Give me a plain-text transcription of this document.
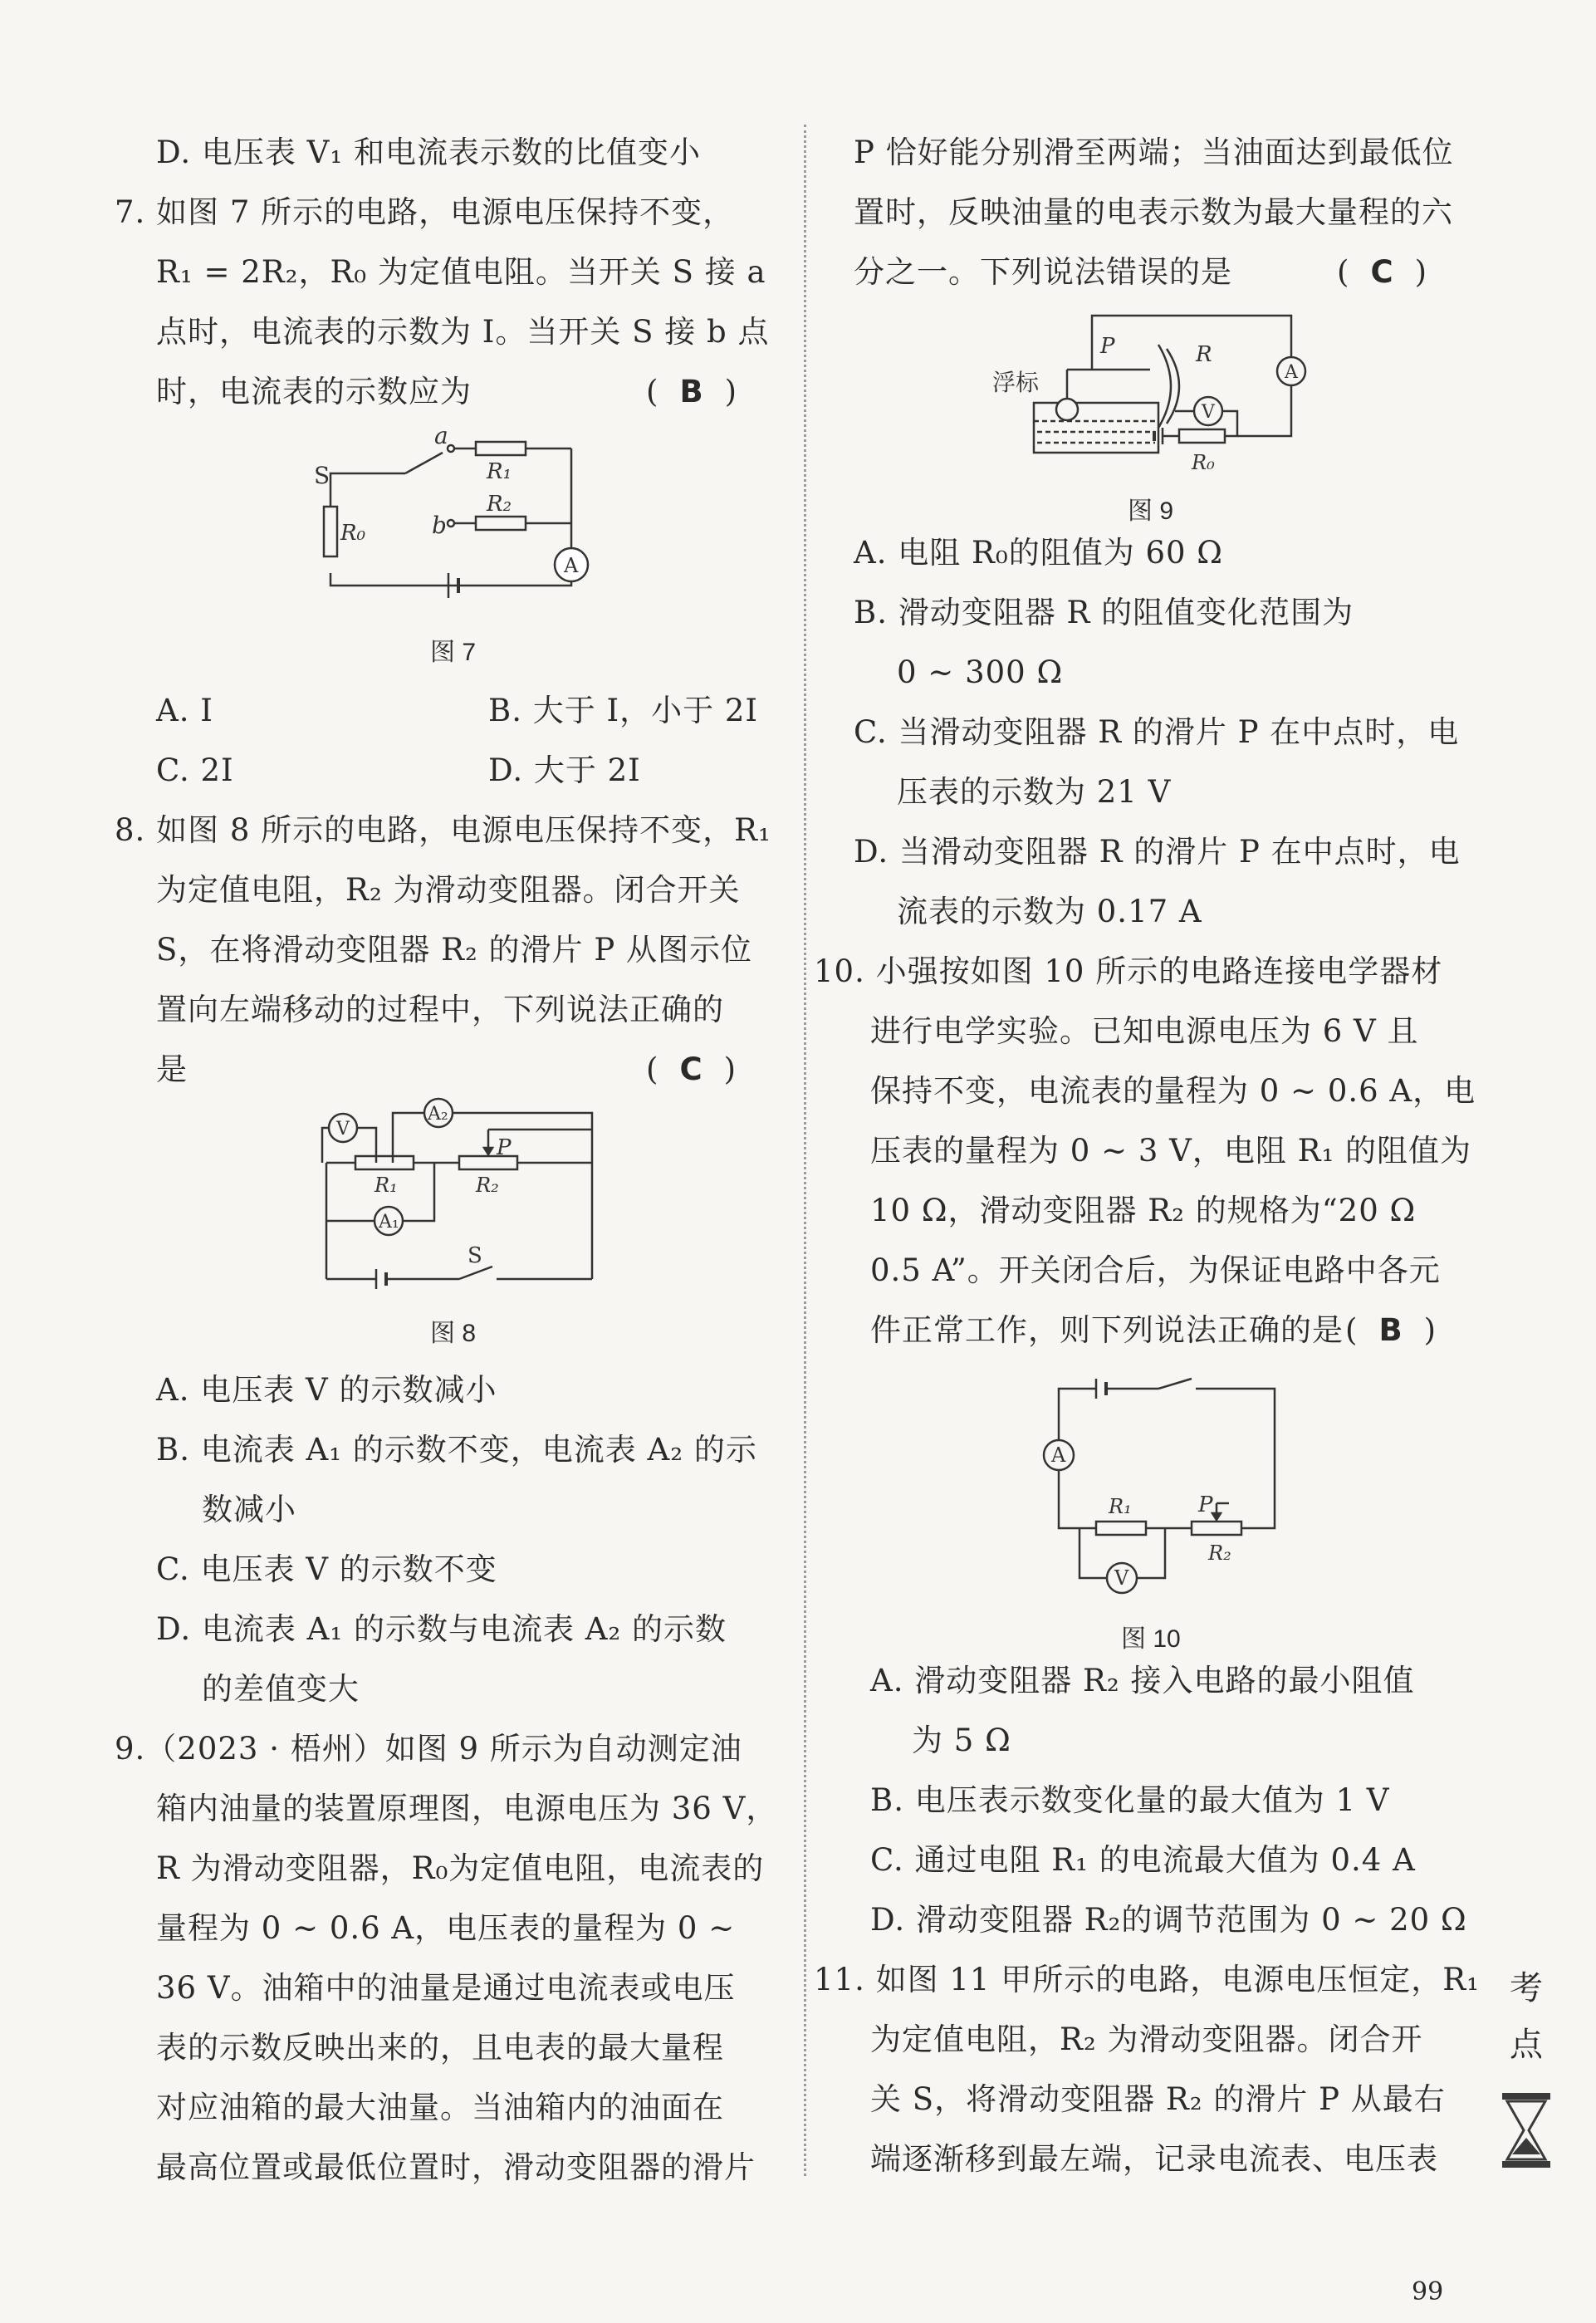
D. 电压表 V₁ 和电流表示数的比值变小
7. 如图 7 所示的电路，电源电压保持不变，
R₁ = 2R₂，R₀ 为定值电阻。当开关 S 接 a
点时，电流表的示数为 I。当开关 S 接 b 点
时，电流表的示数应为	( B )
S
a
b
R₁
R₂
R₀
A
图 7
A. I	B. 大于 I，小于 2I
C. 2I	D. 大于 2I
8. 如图 8 所示的电路，电源电压保持不变，R₁
为定值电阻，R₂ 为滑动变阻器。闭合开关
S，在将滑动变阻器 R₂ 的滑片 P 从图示位
置向左端移动的过程中，下列说法正确的
是	( C )
A₂
V
P
R₁	R₂
A₁
S
图 8
A. 电压表 V 的示数减小
B. 电流表 A₁ 的示数不变，电流表 A₂ 的示
数减小
C. 电压表 V 的示数不变
D. 电流表 A₁ 的示数与电流表 A₂ 的示数
的差值变大
9.（2023 · 梧州）如图 9 所示为自动测定油
箱内油量的装置原理图，电源电压为 36 V，
R 为滑动变阻器，R₀为定值电阻，电流表的
量程为 0 ~ 0.6 A，电压表的量程为 0 ~
36 V。油箱中的油量是通过电流表或电压
表的示数反映出来的，且电表的最大量程
对应油箱的最大油量。当油箱内的油面在
最高位置或最低位置时，滑动变阻器的滑片
P 恰好能分别滑至两端；当油面达到最低位
置时，反映油量的电表示数为最大量程的六
分之一。下列说法错误的是	( C )
P	R
A
浮标
V
R₀
图 9
A. 电阻 R₀的阻值为 60 Ω
B. 滑动变阻器 R 的阻值变化范围为
0 ~ 300 Ω
C. 当滑动变阻器 R 的滑片 P 在中点时，电
压表的示数为 21 V
D. 当滑动变阻器 R 的滑片 P 在中点时，电
流表的示数为 0.17 A
10. 小强按如图 10 所示的电路连接电学器材
进行电学实验。已知电源电压为 6 V 且
保持不变，电流表的量程为 0 ~ 0.6 A，电
压表的量程为 0 ~ 3 V，电阻 R₁ 的阻值为
10 Ω，滑动变阻器 R₂ 的规格为“20 Ω
0.5 A”。开关闭合后，为保证电路中各元
件正常工作，则下列说法正确的是 ( B )
A
R₁	P
R₂
V
图 10
A. 滑动变阻器 R₂ 接入电路的最小阻值
为 5 Ω
B. 电压表示数变化量的最大值为 1 V
C. 通过电阻 R₁ 的电流最大值为 0.4 A
D. 滑动变阻器 R₂的调节范围为 0 ~ 20 Ω
11. 如图 11 甲所示的电路，电源电压恒定，R₁
为定值电阻，R₂ 为滑动变阻器。闭合开
关 S，将滑动变阻器 R₂ 的滑片 P 从最右
端逐渐移到最左端，记录电流表、电压表
考
点
99
